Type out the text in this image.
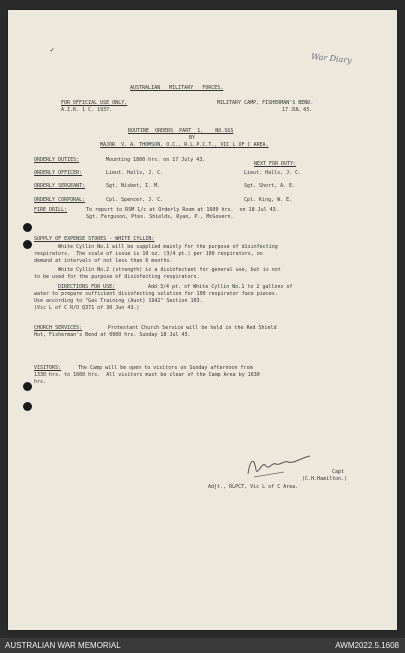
War Diary
✓
AUSTRALIAN   MILITARY   FORCES.
FOR OFFICIAL USE ONLY.
A.I.R. 1 C. 1937.
MILITARY CAMP, FISHERMAN'S BEND.
17 JUL 43.
ROUTINE  ORDERS  PART  1.    NO.SGS
BY
MAJOR  V. A. THOMSON, O.C., R.L.P.C.T., VIC L OF C AREA.
ORDERLY DUTIES:	Mounting 1800 hrs. on 17 July 43.
NEXT FOR DUTY:
ORDERLY OFFICER:	Lieut. Halls, J. C.	Lieut. Halls, J. C.
ORDERLY SERGEANT:	Sgt. Nisbet, I. M.	Sgt. Short, A. E.
ORDERLY CORPORAL:	Cpl. Spencer, J. C.	Cpl. King, W. E.
FIRE DRILL:	To report to RSM 1/c at Orderly Room at 1600 hrs.  on 18 Jul 43.
Sgt. Ferguson, Ptes. Shields, Ryan, P., McGovern.
SUPPLY OF EXPENSE STORES - WHITE CYLLIN:
White Cyllin No.1 will be supplied mainly for the purpose of disinfecting
respirators.  The scale of issue is 10 oz. (3/4 pt.) per 100 respirators, on
demand at intervals of not less than 6 months.
White Cyllin No.2 (strength) is a disinfectant for general use, but is not
to be used for the purpose of disinfecting respirators.
DIRECTIONS FOR USE:	Add 3/4 pt. of White Cyllin No.1 to 2 gallons of
water to prepare sufficient disinfecting solution for 100 respirator face pieces.
Use according to "Gas Training (Aust) 1942" Section 103.
(Vic L of C R/O Q371 of 30 Jun 43.)
CHURCH SERVICES:	Protestant Church Service will be held in the Red Shield
Hut, Fisherman's Bend at 0900 hrs. Sunday 18 Jul 43.
VISITORS:	The Camp will be open to visitors on Sunday afternoon from
1330 hrs. to 1600 hrs.  All visitors must be clear of the Camp Area by 1630
hrs.
Capt
(C.H.Hamilton.)
Adjt., RLPCT, Vic L of C Area.
AUSTRALIAN WAR MEMORIAL	AWM2022.5.1608
